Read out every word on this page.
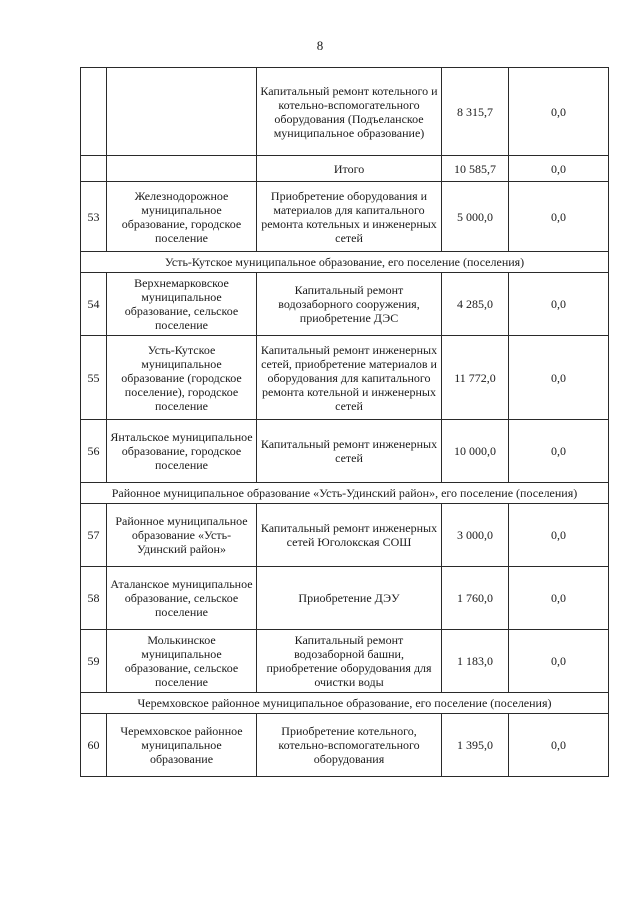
8
		Капитальный ремонт котельного и котельно-вспомогательного оборудования (Подъеланское муниципальное образование)	8 315,7	0,0
		Итого	10 585,7	0,0
53	Железнодорожное муниципальное образование, городское поселение	Приобретение оборудования и материалов для капитального ремонта котельных и инженерных сетей	5 000,0	0,0
Усть-Кутское муниципальное образование, его поселение (поселения)				
54	Верхнемарковское муниципальное образование, сельское поселение	Капитальный ремонт водозаборного сооружения, приобретение ДЭС	4 285,0	0,0
55	Усть-Кутское муниципальное образование (городское поселение), городское поселение	Капитальный ремонт инженерных сетей, приобретение материалов и оборудования для капитального ремонта котельной и инженерных сетей	11 772,0	0,0
56	Янтальское муниципальное образование, городское поселение	Капитальный ремонт инженерных сетей	10 000,0	0,0
Районное муниципальное образование «Усть-Удинский район», его поселение (поселения)				
57	Районное муниципальное образование «Усть-Удинский район»	Капитальный ремонт инженерных сетей Юголокская СОШ	3 000,0	0,0
58	Аталанское муниципальное образование, сельское поселение	Приобретение ДЭУ	1 760,0	0,0
59	Молькинское муниципальное образование, сельское поселение	Капитальный ремонт водозаборной башни, приобретение оборудования для очистки воды	1 183,0	0,0
Черемховское районное муниципальное образование, его поселение (поселения)				
60	Черемховское районное муниципальное образование	Приобретение котельного, котельно-вспомогательного оборудования	1 395,0	0,0
